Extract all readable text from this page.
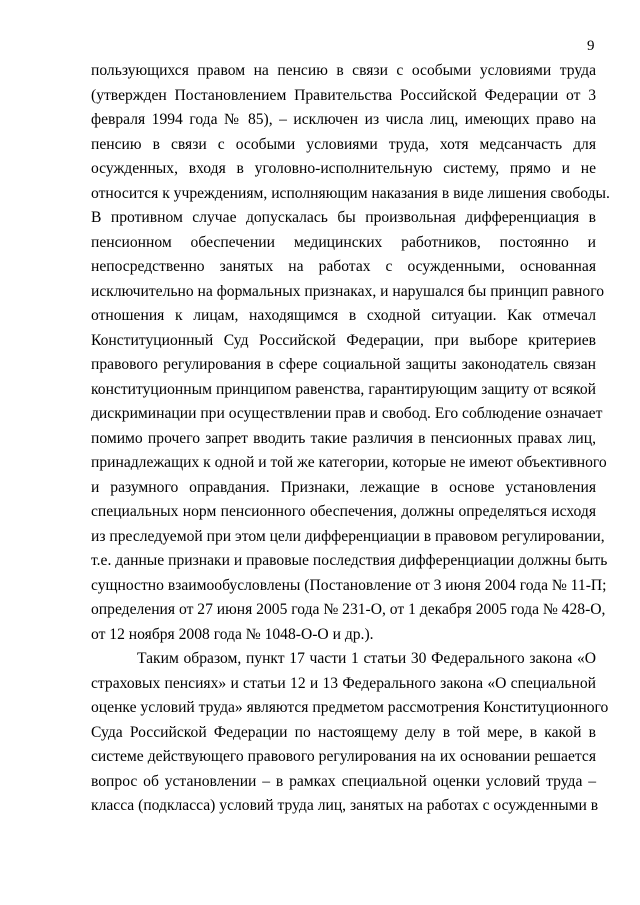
9
пользующихся правом на пенсию в связи с особыми условиями труда
(утвержден Постановлением Правительства Российской Федерации от 3
февраля 1994 года № 85), – исключен из числа лиц, имеющих право на
пенсию в связи с особыми условиями труда, хотя медсанчасть для
осужденных, входя в уголовно-исполнительную систему, прямо и не
относится к учреждениям, исполняющим наказания в виде лишения свободы.
В противном случае допускалась бы произвольная дифференциация в
пенсионном обеспечении медицинских работников, постоянно и
непосредственно занятых на работах с осужденными, основанная
исключительно на формальных признаках, и нарушался бы принцип равного
отношения к лицам, находящимся в сходной ситуации. Как отмечал
Конституционный Суд Российской Федерации, при выборе критериев
правового регулирования в сфере социальной защиты законодатель связан
конституционным принципом равенства, гарантирующим защиту от всякой
дискриминации при осуществлении прав и свобод. Его соблюдение означает
помимо прочего запрет вводить такие различия в пенсионных правах лиц,
принадлежащих к одной и той же категории, которые не имеют объективного
и разумного оправдания. Признаки, лежащие в основе установления
специальных норм пенсионного обеспечения, должны определяться исходя
из преследуемой при этом цели дифференциации в правовом регулировании,
т.е. данные признаки и правовые последствия дифференциации должны быть
сущностно взаимообусловлены (Постановление от 3 июня 2004 года № 11-П;
определения от 27 июня 2005 года № 231-О, от 1 декабря 2005 года № 428-О,
от 12 ноября 2008 года № 1048-О-О и др.).
Таким образом, пункт 17 части 1 статьи 30 Федерального закона «О
страховых пенсиях» и статьи 12 и 13 Федерального закона «О специальной
оценке условий труда» являются предметом рассмотрения Конституционного
Суда Российской Федерации по настоящему делу в той мере, в какой в
системе действующего правового регулирования на их основании решается
вопрос об установлении – в рамках специальной оценки условий труда –
класса (подкласса) условий труда лиц, занятых на работах с осужденными в
